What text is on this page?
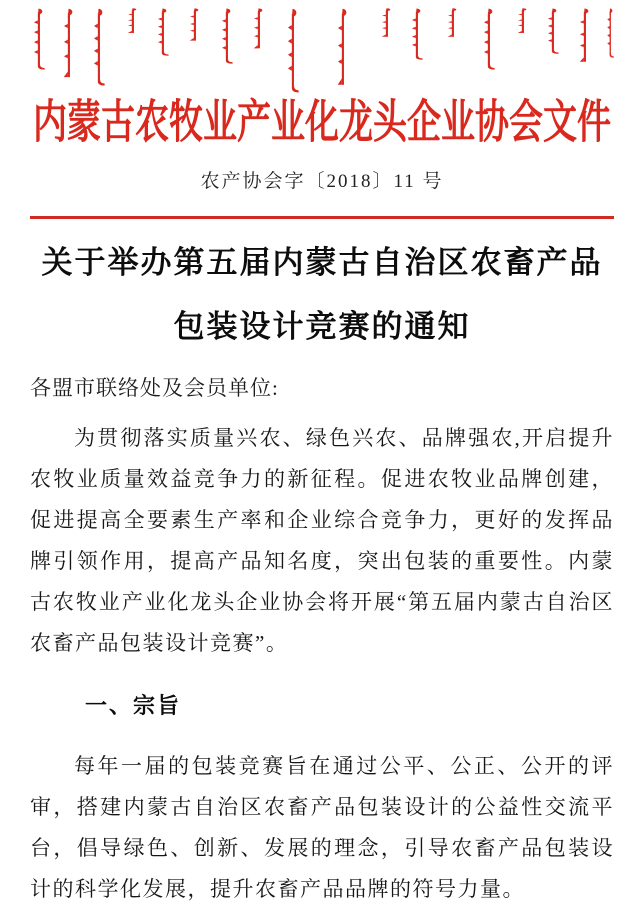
内蒙古农牧业产业化龙头企业协会文件
农产协会字〔2018〕11 号
关于举办第五届内蒙古自治区农畜产品
包装设计竞赛的通知

各盟市联络处及会员单位:

为贯彻落实质量兴农、绿色兴农、品牌强农,开启提升农牧业质量效益竞争力的新征程。促进农牧业品牌创建，促进提高全要素生产率和企业综合竞争力，更好的发挥品牌引领作用，提高产品知名度，突出包装的重要性。内蒙古农牧业产业化龙头企业协会将开展“第五届内蒙古自治区农畜产品包装设计竞赛”。

一、宗旨

每年一届的包装竞赛旨在通过公平、公正、公开的评审，搭建内蒙古自治区农畜产品包装设计的公益性交流平台，倡导绿色、创新、发展的理念，引导农畜产品包装设计的科学化发展，提升农畜产品品牌的符号力量。
